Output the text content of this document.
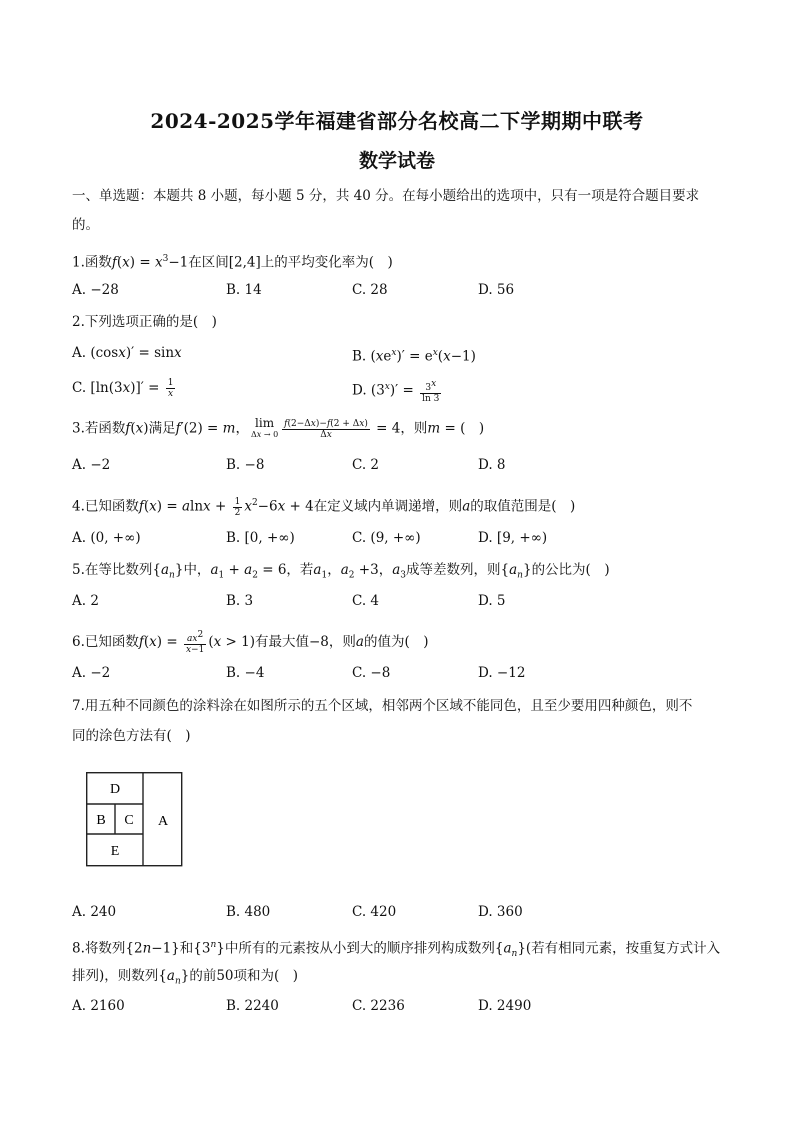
2024-2025学年福建省部分名校高二下学期期中联考
数学试卷
一、单选题：本题共 8 小题，每小题 5 分，共 40 分。在每小题给出的选项中，只有一项是符合题目要求
的。
1.函数$f(x) = x^3-1$在区间[2,4]上的平均变化率为(　)
A. −28	B. 14	C. 28	D. 56
2.下列选项正确的是(　)
A. (cosx)′ = sinx	B. $(xe^x)' = e^x(x-1)$
C. $[\ln(3x)]' = \frac{1}{x}$	D. $(3^x)' = \frac{3^x}{\ln 3}$
3.若函数f(x)满足f′(2) = m， lim
$\Delta x \to 0 \frac{f(2-\Delta x)-f(2 + \Delta x)}{\Delta x} = 4$，则m = (　)
A. −2	B. −8	C. 2	D. 8
4.已知函数$f(x) = alnx + \frac{1}{2} x^2-6x + 4$在定义域内单调递增，则a的取值范围是(　)
A. (0, +∞)	B. [0, +∞)	C. (9, +∞)	D. [9, +∞)
5.在等比数列$\{a_n\}$中，$a_1 + a_2 = 6$，若$a_1$，$a_2 +3$，$a_3$成等差数列，则$\{a_n\}$的公比为(　)
A. 2	B. 3	C. 4	D. 5
6.已知函数$f(x) = \frac{ax^2}{x-1} (x > 1)$有最大值−8，则a的值为(　)
A. −2	B. −4	C. −8	D. −12
7.用五种不同颜色的涂料涂在如图所示的五个区域，相邻两个区域不能同色，且至少要用四种颜色，则不
同的涂色方法有(　)
D
B C A
E
A. 240	B. 480	C. 420	D. 360
8.将数列{2n−1}和{3$^n$}中所有的元素按从小到大的顺序排列构成数列$\{a_n\}$(若有相同元素，按重复方式计入
排列)，则数列$\{a_n\}$的前50项和为(　)
A. 2160	B. 2240	C. 2236	D. 2490
